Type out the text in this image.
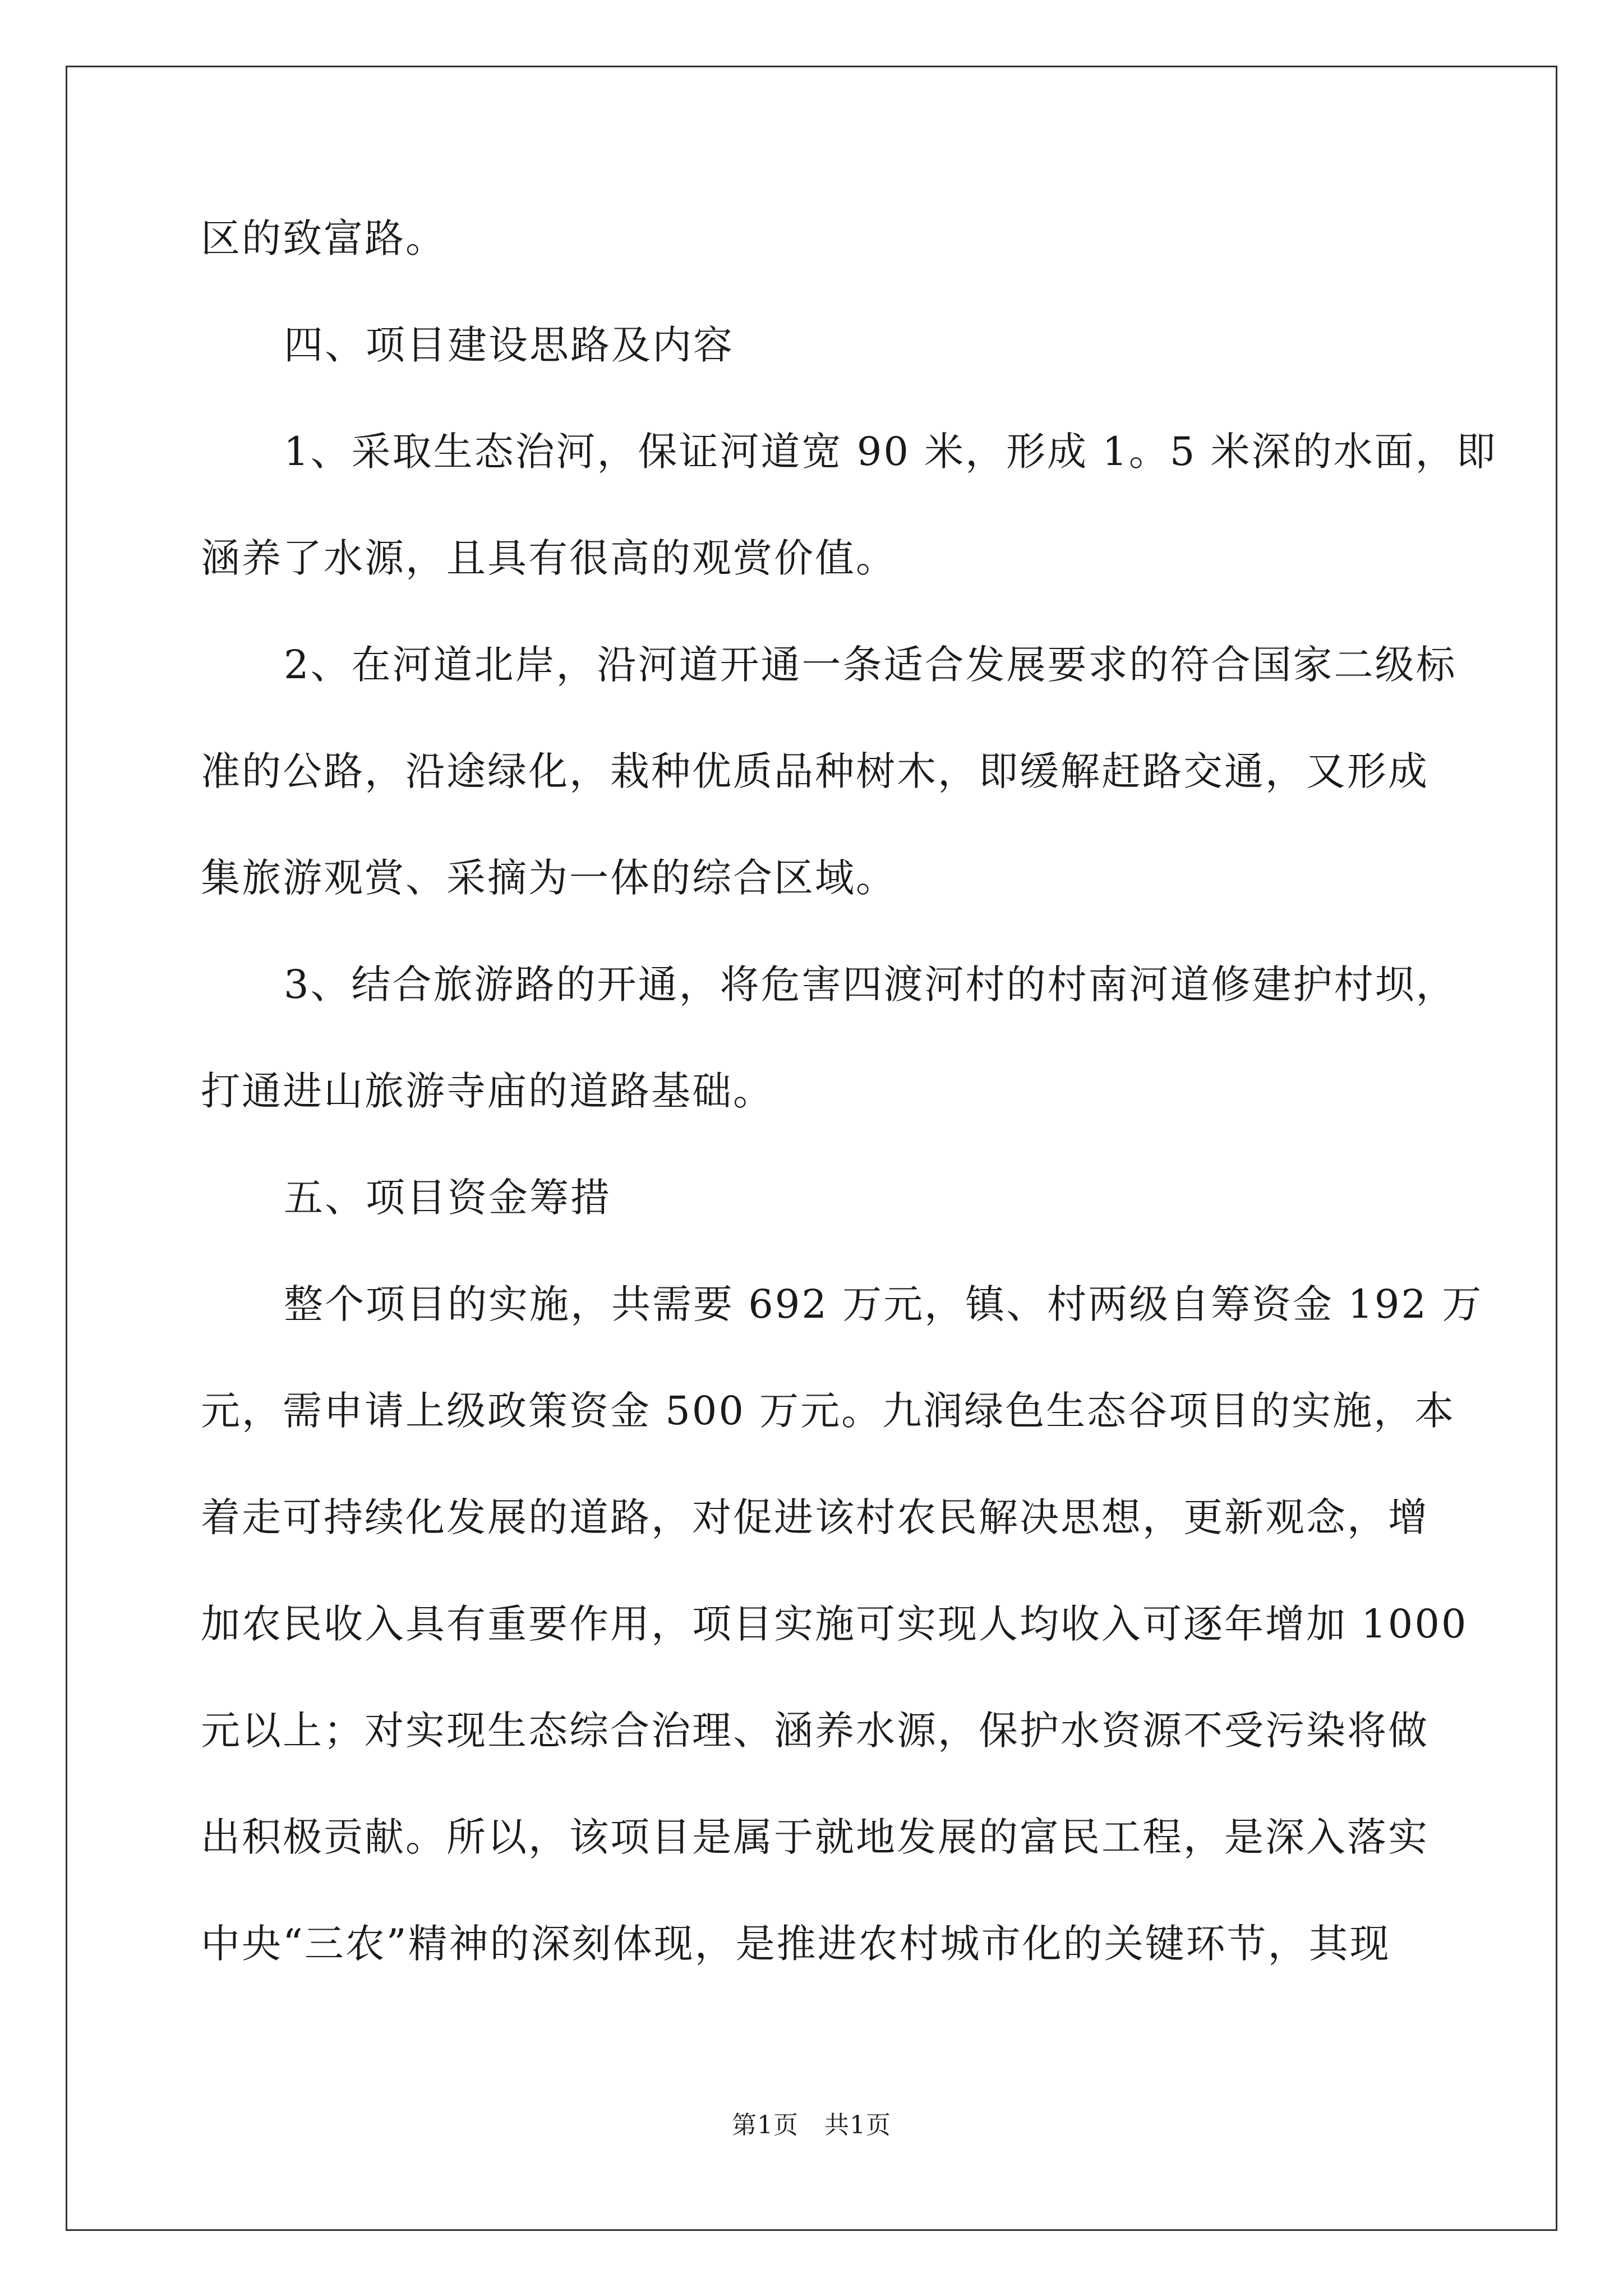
区的致富路。
四、项目建设思路及内容
1、采取生态治河，保证河道宽 90 米，形成 1。5 米深的水面，即
涵养了水源，且具有很高的观赏价值。
2、在河道北岸，沿河道开通一条适合发展要求的符合国家二级标
准的公路，沿途绿化，栽种优质品种树木，即缓解赶路交通，又形成
集旅游观赏、采摘为一体的综合区域。
3、结合旅游路的开通，将危害四渡河村的村南河道修建护村坝，
打通进山旅游寺庙的道路基础。
五、项目资金筹措
整个项目的实施，共需要 692 万元，镇、村两级自筹资金 192 万
元，需申请上级政策资金 500 万元。九润绿色生态谷项目的实施，本
着走可持续化发展的道路，对促进该村农民解决思想，更新观念，增
加农民收入具有重要作用，项目实施可实现人均收入可逐年增加 1000
元以上；对实现生态综合治理、涵养水源，保护水资源不受污染将做
出积极贡献。所以，该项目是属于就地发展的富民工程，是深入落实
中央“三农”精神的深刻体现，是推进农村城市化的关键环节，其现
第1页 共1页
